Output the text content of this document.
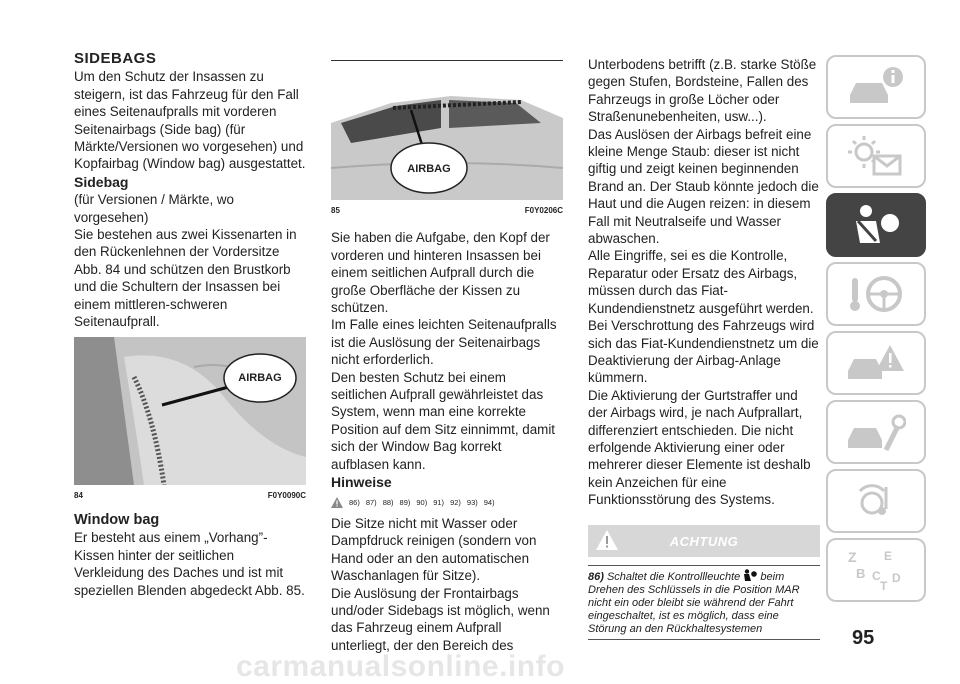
SIDEBAGS

Um den Schutz der Insassen zu steigern, ist das Fahrzeug für den Fall eines Seitenaufpralls mit vorderen Seitenairbags (Side bag) (für Märkte/Versionen wo vorgesehen) und Kopfairbag (Window bag) ausgestattet.

Sidebag

(für Versionen / Märkte, wo vorgesehen)

Sie bestehen aus zwei Kissenarten in den Rückenlehnen der Vordersitze Abb. 84 und schützen den Brustkorb und die Schultern der Insassen bei einem mittleren-schweren Seitenaufprall.

AIRBAG
84	F0Y0090C
Window bag

Er besteht aus einem „Vorhang”-Kissen hinter der seitlichen Verkleidung des Daches und ist mit speziellen Blenden abgedeckt Abb. 85.

AIRBAG
85	F0Y0206C

Sie haben die Aufgabe, den Kopf der vorderen und hinteren Insassen bei einem seitlichen Aufprall durch die große Oberfläche der Kissen zu schützen.

Im Falle eines leichten Seitenaufpralls ist die Auslösung der Seitenairbags nicht erforderlich.

Den besten Schutz bei einem seitlichen Aufprall gewährleistet das System, wenn man eine korrekte Position auf dem Sitz einnimmt, damit sich der Window Bag korrekt aufblasen kann.

Hinweise
86) 87) 88) 89) 90) 91) 92) 93) 94)

Die Sitze nicht mit Wasser oder Dampfdruck reinigen (sondern von Hand oder an den automatischen Waschanlagen für Sitze).

Die Auslösung der Frontairbags und/oder Sidebags ist möglich, wenn das Fahrzeug einem Aufprall unterliegt, der den Bereich des

Unterbodens betrifft (z.B. starke Stöße gegen Stufen, Bordsteine, Fallen des Fahrzeugs in große Löcher oder Straßenunebenheiten, usw...).

Das Auslösen der Airbags befreit eine kleine Menge Staub: dieser ist nicht giftig und zeigt keinen beginnenden Brand an. Der Staub könnte jedoch die Haut und die Augen reizen: in diesem Fall mit Neutralseife und Wasser abwaschen.

Alle Eingriffe, sei es die Kontrolle, Reparatur oder Ersatz des Airbags, müssen durch das Fiat-Kundendienstnetz ausgeführt werden.

Bei Verschrottung des Fahrzeugs wird sich das Fiat-Kundendienstnetz um die Deaktivierung der Airbag-Anlage kümmern.

Die Aktivierung der Gurtstraffer und der Airbags wird, je nach Aufprallart, differenziert entschieden. Die nicht erfolgende Aktivierung einer oder mehrerer dieser Elemente ist deshalb kein Anzeichen für eine Funktionsstörung des Systems.

ACHTUNG
86) Schaltet die Kontrollleuchte beim Drehen des Schlüssels in die Position MAR nicht ein oder bleibt sie während der Fahrt eingeschaltet, ist es möglich, dass eine Störung an den Rückhaltesystemen
Z E
B C
T
D
95
carmanualsonline.info
